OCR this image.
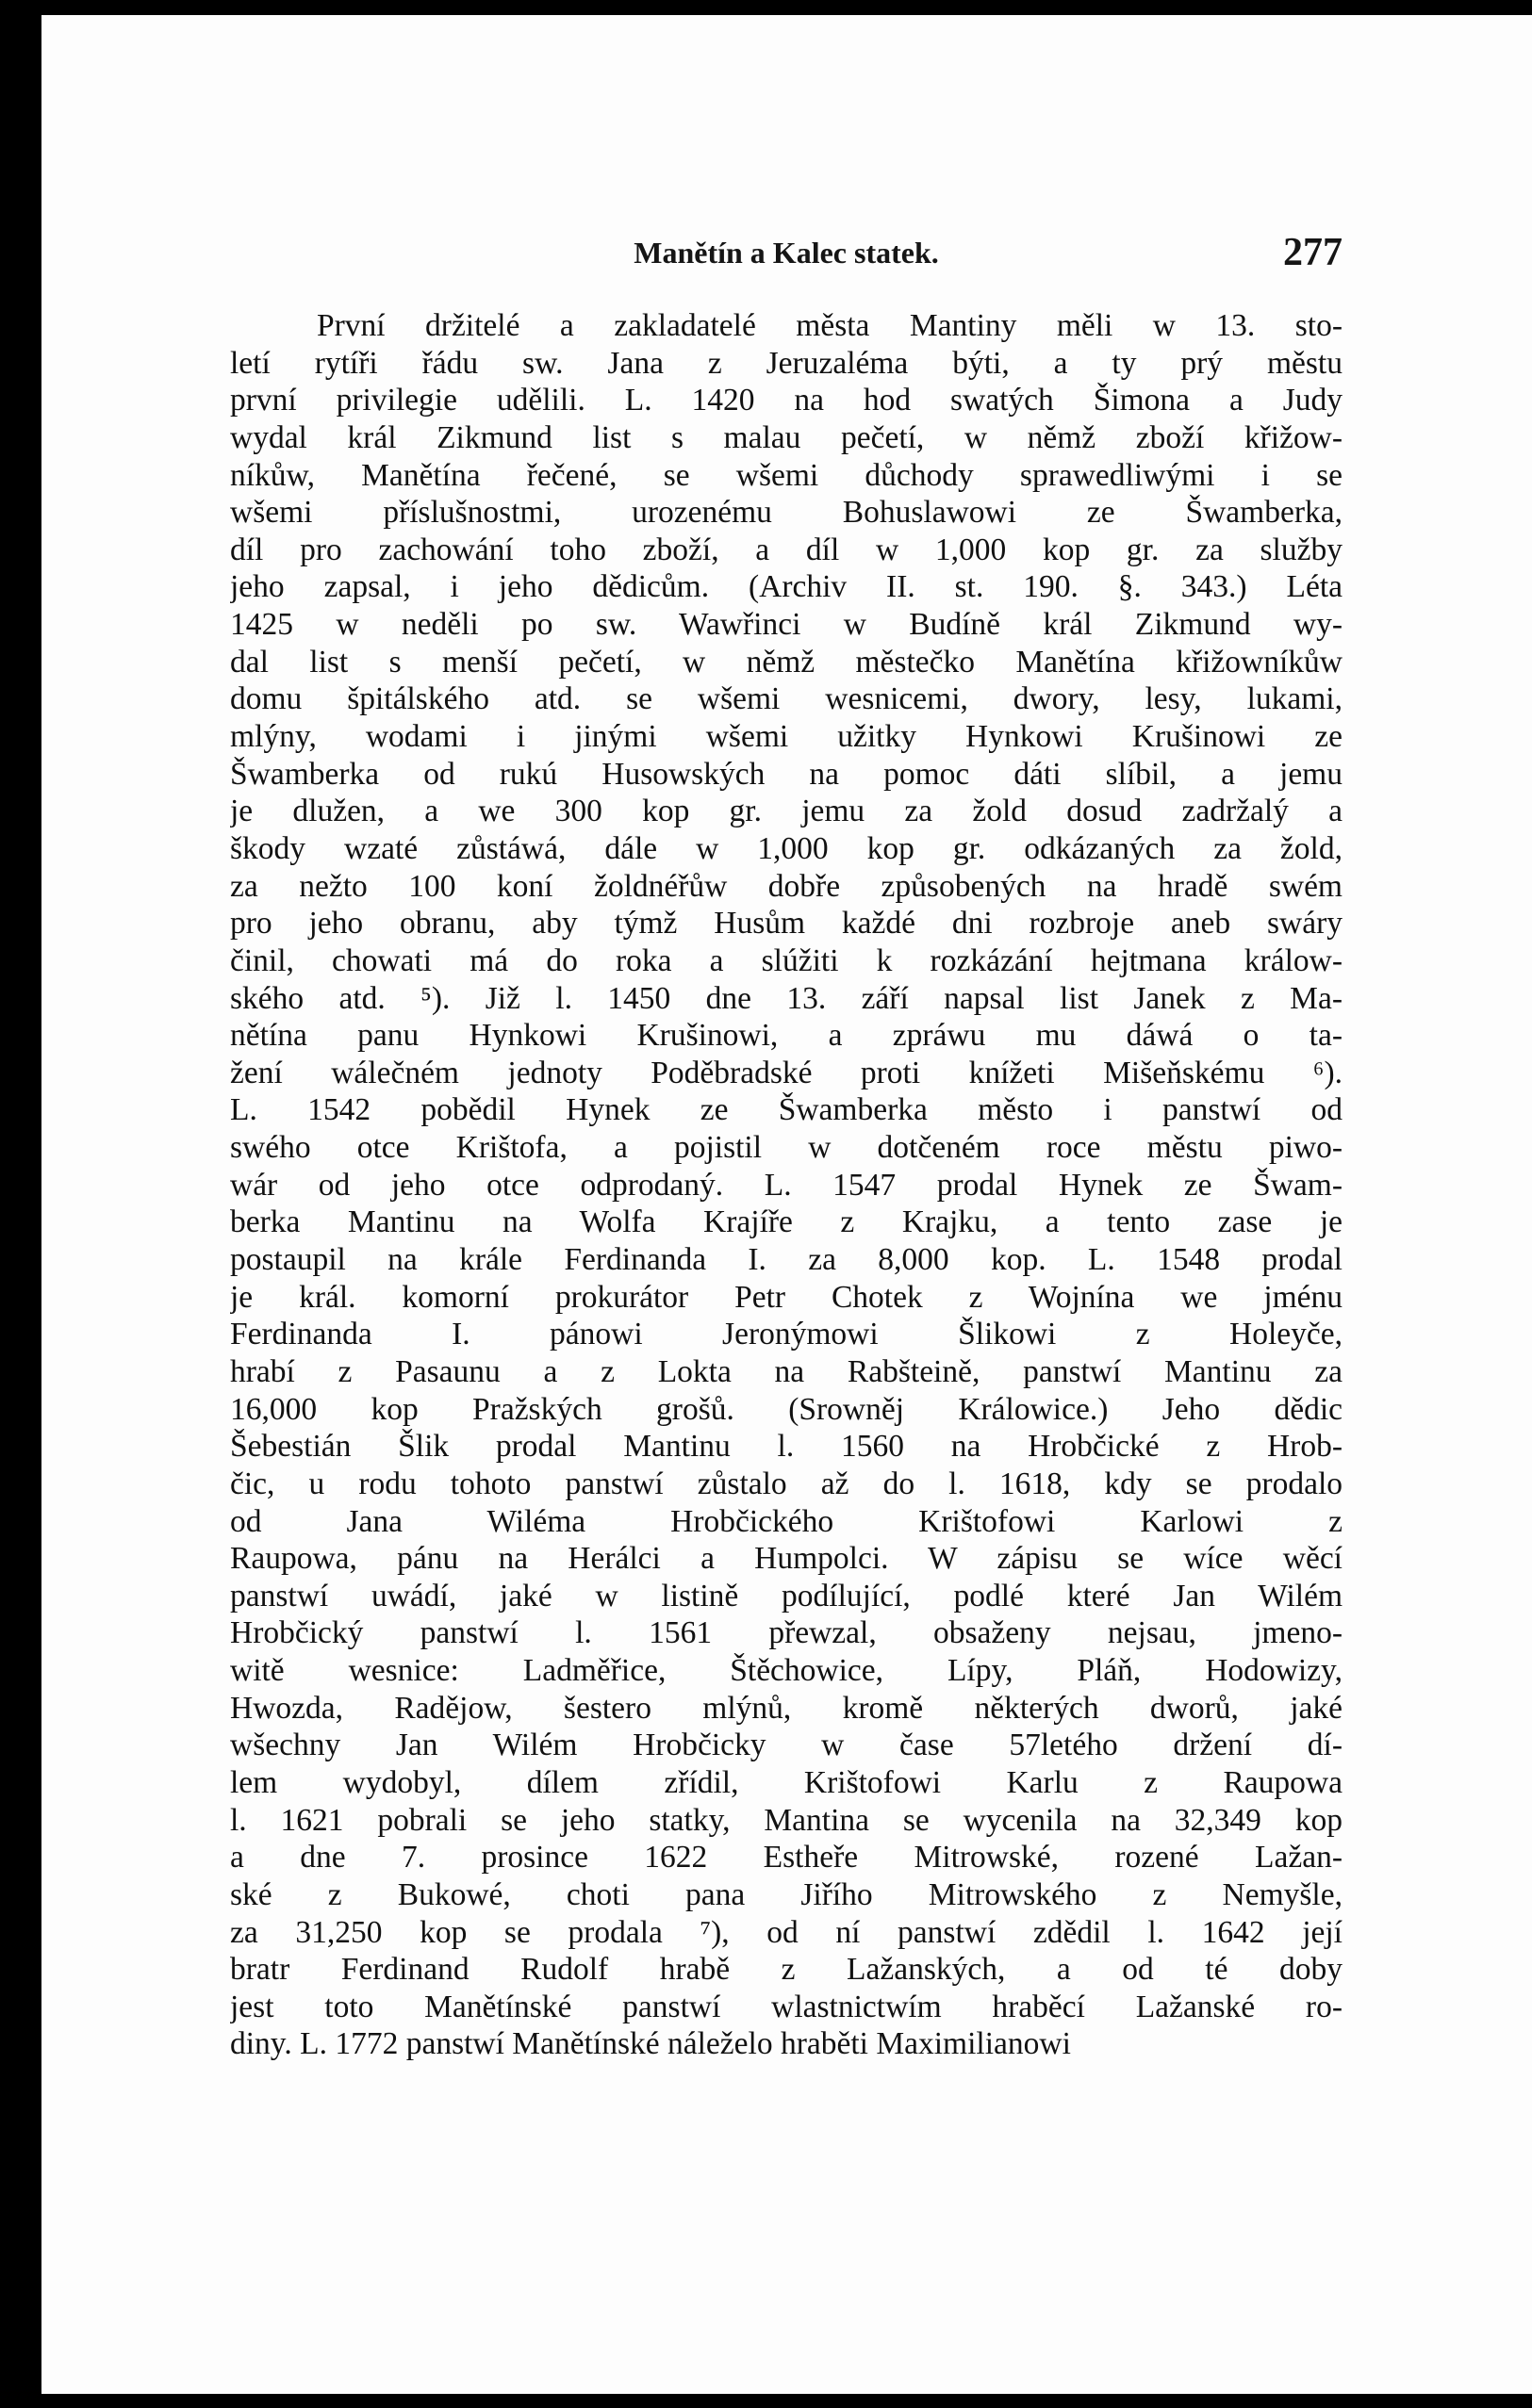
Manětín a Kalec statek.	277
První držitelé a zakladatelé města Mantiny měli w 13. sto-
letí rytíři řádu sw. Jana z Jeruzaléma býti, a ty prý městu
první privilegie udělili. L. 1420 na hod swatých Šimona a Judy
wydal král Zikmund list s malau pečetí, w němž zboží křižow-
níkůw, Manětína řečené, se wšemi důchody sprawedliwými i se
wšemi příslušnostmi, urozenému Bohuslawowi ze Šwamberka,
díl pro zachowání toho zboží, a díl w 1,000 kop gr. za služby
jeho zapsal, i jeho dědicům. (Archiv II. st. 190. §. 343.) Léta
1425 w neděli po sw. Wawřinci w Budíně král Zikmund wy-
dal list s menší pečetí, w němž městečko Manětína křižowníkůw
domu špitálského atd. se wšemi wesnicemi, dwory, lesy, lukami,
mlýny, wodami i jinými wšemi užitky Hynkowi Krušinowi ze
Šwamberka od rukú Husowských na pomoc dáti slíbil, a jemu
je dlužen, a we 300 kop gr. jemu za žold dosud zadržalý a
škody wzaté zůstáwá, dále w 1,000 kop gr. odkázaných za žold,
za nežto 100 koní žoldnéřůw dobře způsobených na hradě swém
pro jeho obranu, aby týmž Husům každé dni rozbroje aneb swáry
činil, chowati má do roka a slúžiti k rozkázání hejtmana králow-
ského atd. ⁵). Již l. 1450 dne 13. září napsal list Janek z Ma-
nětína panu Hynkowi Krušinowi, a zpráwu mu dáwá o ta-
žení wálečném jednoty Poděbradské proti knížeti Mišeňskému ⁶).
L. 1542 pobědil Hynek ze Šwamberka město i panstwí od
swého otce Krištofa, a pojistil w dotčeném roce městu piwo-
wár od jeho otce odprodaný. L. 1547 prodal Hynek ze Šwam-
berka Mantinu na Wolfa Krajíře z Krajku, a tento zase je
postaupil na krále Ferdinanda I. za 8,000 kop. L. 1548 prodal
je král. komorní prokurátor Petr Chotek z Wojnína we jménu
Ferdinanda I. pánowi Jeronýmowi Šlikowi z Holeyče,
hrabí z Pasaunu a z Lokta na Rabšteině, panstwí Mantinu za
16,000 kop Pražských grošů. (Srowněj Králowice.) Jeho dědic
Šebestián Šlik prodal Mantinu l. 1560 na Hrobčické z Hrob-
čic, u rodu tohoto panstwí zůstalo až do l. 1618, kdy se prodalo
od Jana Wiléma Hrobčického Krištofowi Karlowi z
Raupowa, pánu na Herálci a Humpolci. W zápisu se wíce wěcí
panstwí uwádí, jaké w listině podílující, podlé které Jan Wilém
Hrobčický panstwí l. 1561 přewzal, obsaženy nejsau, jmeno-
witě wesnice: Ladměřice, Štěchowice, Lípy, Pláň, Hodowizy,
Hwozda, Radějow, šestero mlýnů, kromě některých dworů, jaké
wšechny Jan Wilém Hrobčicky w čase 57letého držení dí-
lem wydobyl, dílem zřídil, Krištofowi Karlu z Raupowa
l. 1621 pobrali se jeho statky, Mantina se wycenila na 32,349 kop
a dne 7. prosince 1622 Estheře Mitrowské, rozené Lažan-
ské z Bukowé, choti pana Jiřího Mitrowského z Nemyšle,
za 31,250 kop se prodala ⁷), od ní panstwí zdědil l. 1642 její
bratr Ferdinand Rudolf hrabě z Lažanských, a od té doby
jest toto Manětínské panstwí wlastnictwím hraběcí Lažanské ro-
diny. L. 1772 panstwí Manětínské náleželo hraběti Maximilianowi
